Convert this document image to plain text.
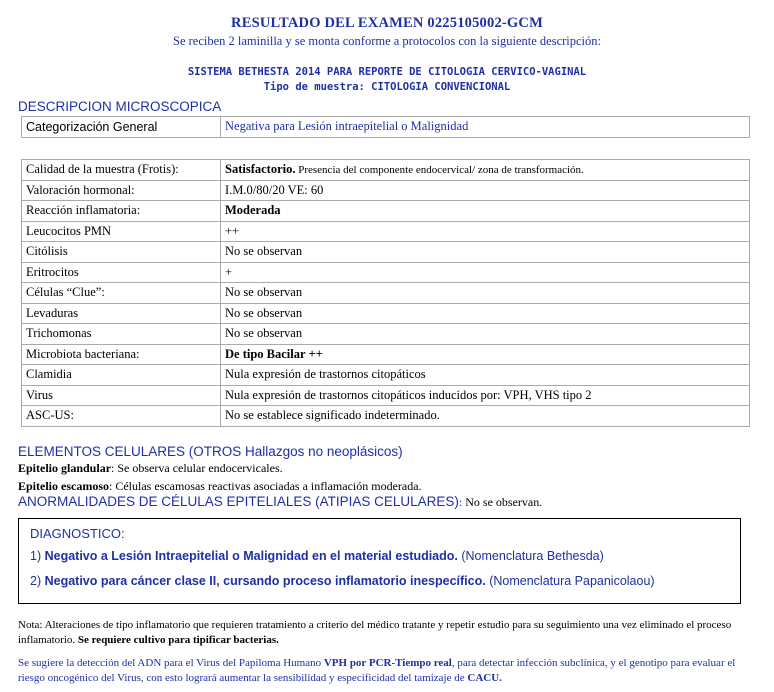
RESULTADO DEL EXAMEN 0225105002-GCM
Se reciben 2 laminilla y se monta conforme a protocolos con la siguiente descripción:
SISTEMA BETHESTA 2014 PARA REPORTE DE CITOLOGIA CERVICO-VAGINAL
Tipo de muestra: CITOLOGIA CONVENCIONAL
DESCRIPCION MICROSCOPICA
Categorización General	Negativa para Lesión intraepitelial o Malignidad
Calidad de la muestra (Frotis):	Satisfactorio. Presencia del componente endocervical/ zona de transformación.
Valoración hormonal:	I.M.0/80/20 VE: 60
Reacción inflamatoria:	Moderada
Leucocitos PMN	++
Citólisis	No se observan
Eritrocitos	+
Células “Clue”:	No se observan
Levaduras	No se observan
Trichomonas	No se observan
Microbiota bacteriana:	De tipo Bacilar ++
Clamidia	Nula expresión de trastornos citopáticos
Virus	Nula expresión de trastornos citopáticos inducidos por: VPH, VHS tipo 2
ASC-US:	No se establece significado indeterminado.
ELEMENTOS CELULARES (OTROS Hallazgos no neoplásicos)
Epitelio glandular: Se observa celular endocervicales.
Epitelio escamoso: Células escamosas reactivas asociadas a inflamación moderada.
ANORMALIDADES DE CÉLULAS EPITELIALES (ATIPIAS CELULARES): No se observan.
DIAGNOSTICO:
1) Negativo a Lesión Intraepitelial o Malignidad en el material estudiado. (Nomenclatura Bethesda)
2) Negativo para cáncer clase II, cursando proceso inflamatorio inespecífico. (Nomenclatura Papanicolaou)
Nota: Alteraciones de tipo inflamatorio que requieren tratamiento a criterio del médico tratante y repetir estudio para su seguimiento una vez eliminado el proceso inflamatorio. Se requiere cultivo para tipificar bacterias.
Se sugiere la detección del ADN para el Virus del Papiloma Humano VPH por PCR-Tiempo real, para detectar infección subclínica, y el genotipo para evaluar el riesgo oncogénico del Virus, con esto logrará aumentar la sensibilidad y especificidad del tamizaje de CACU.
